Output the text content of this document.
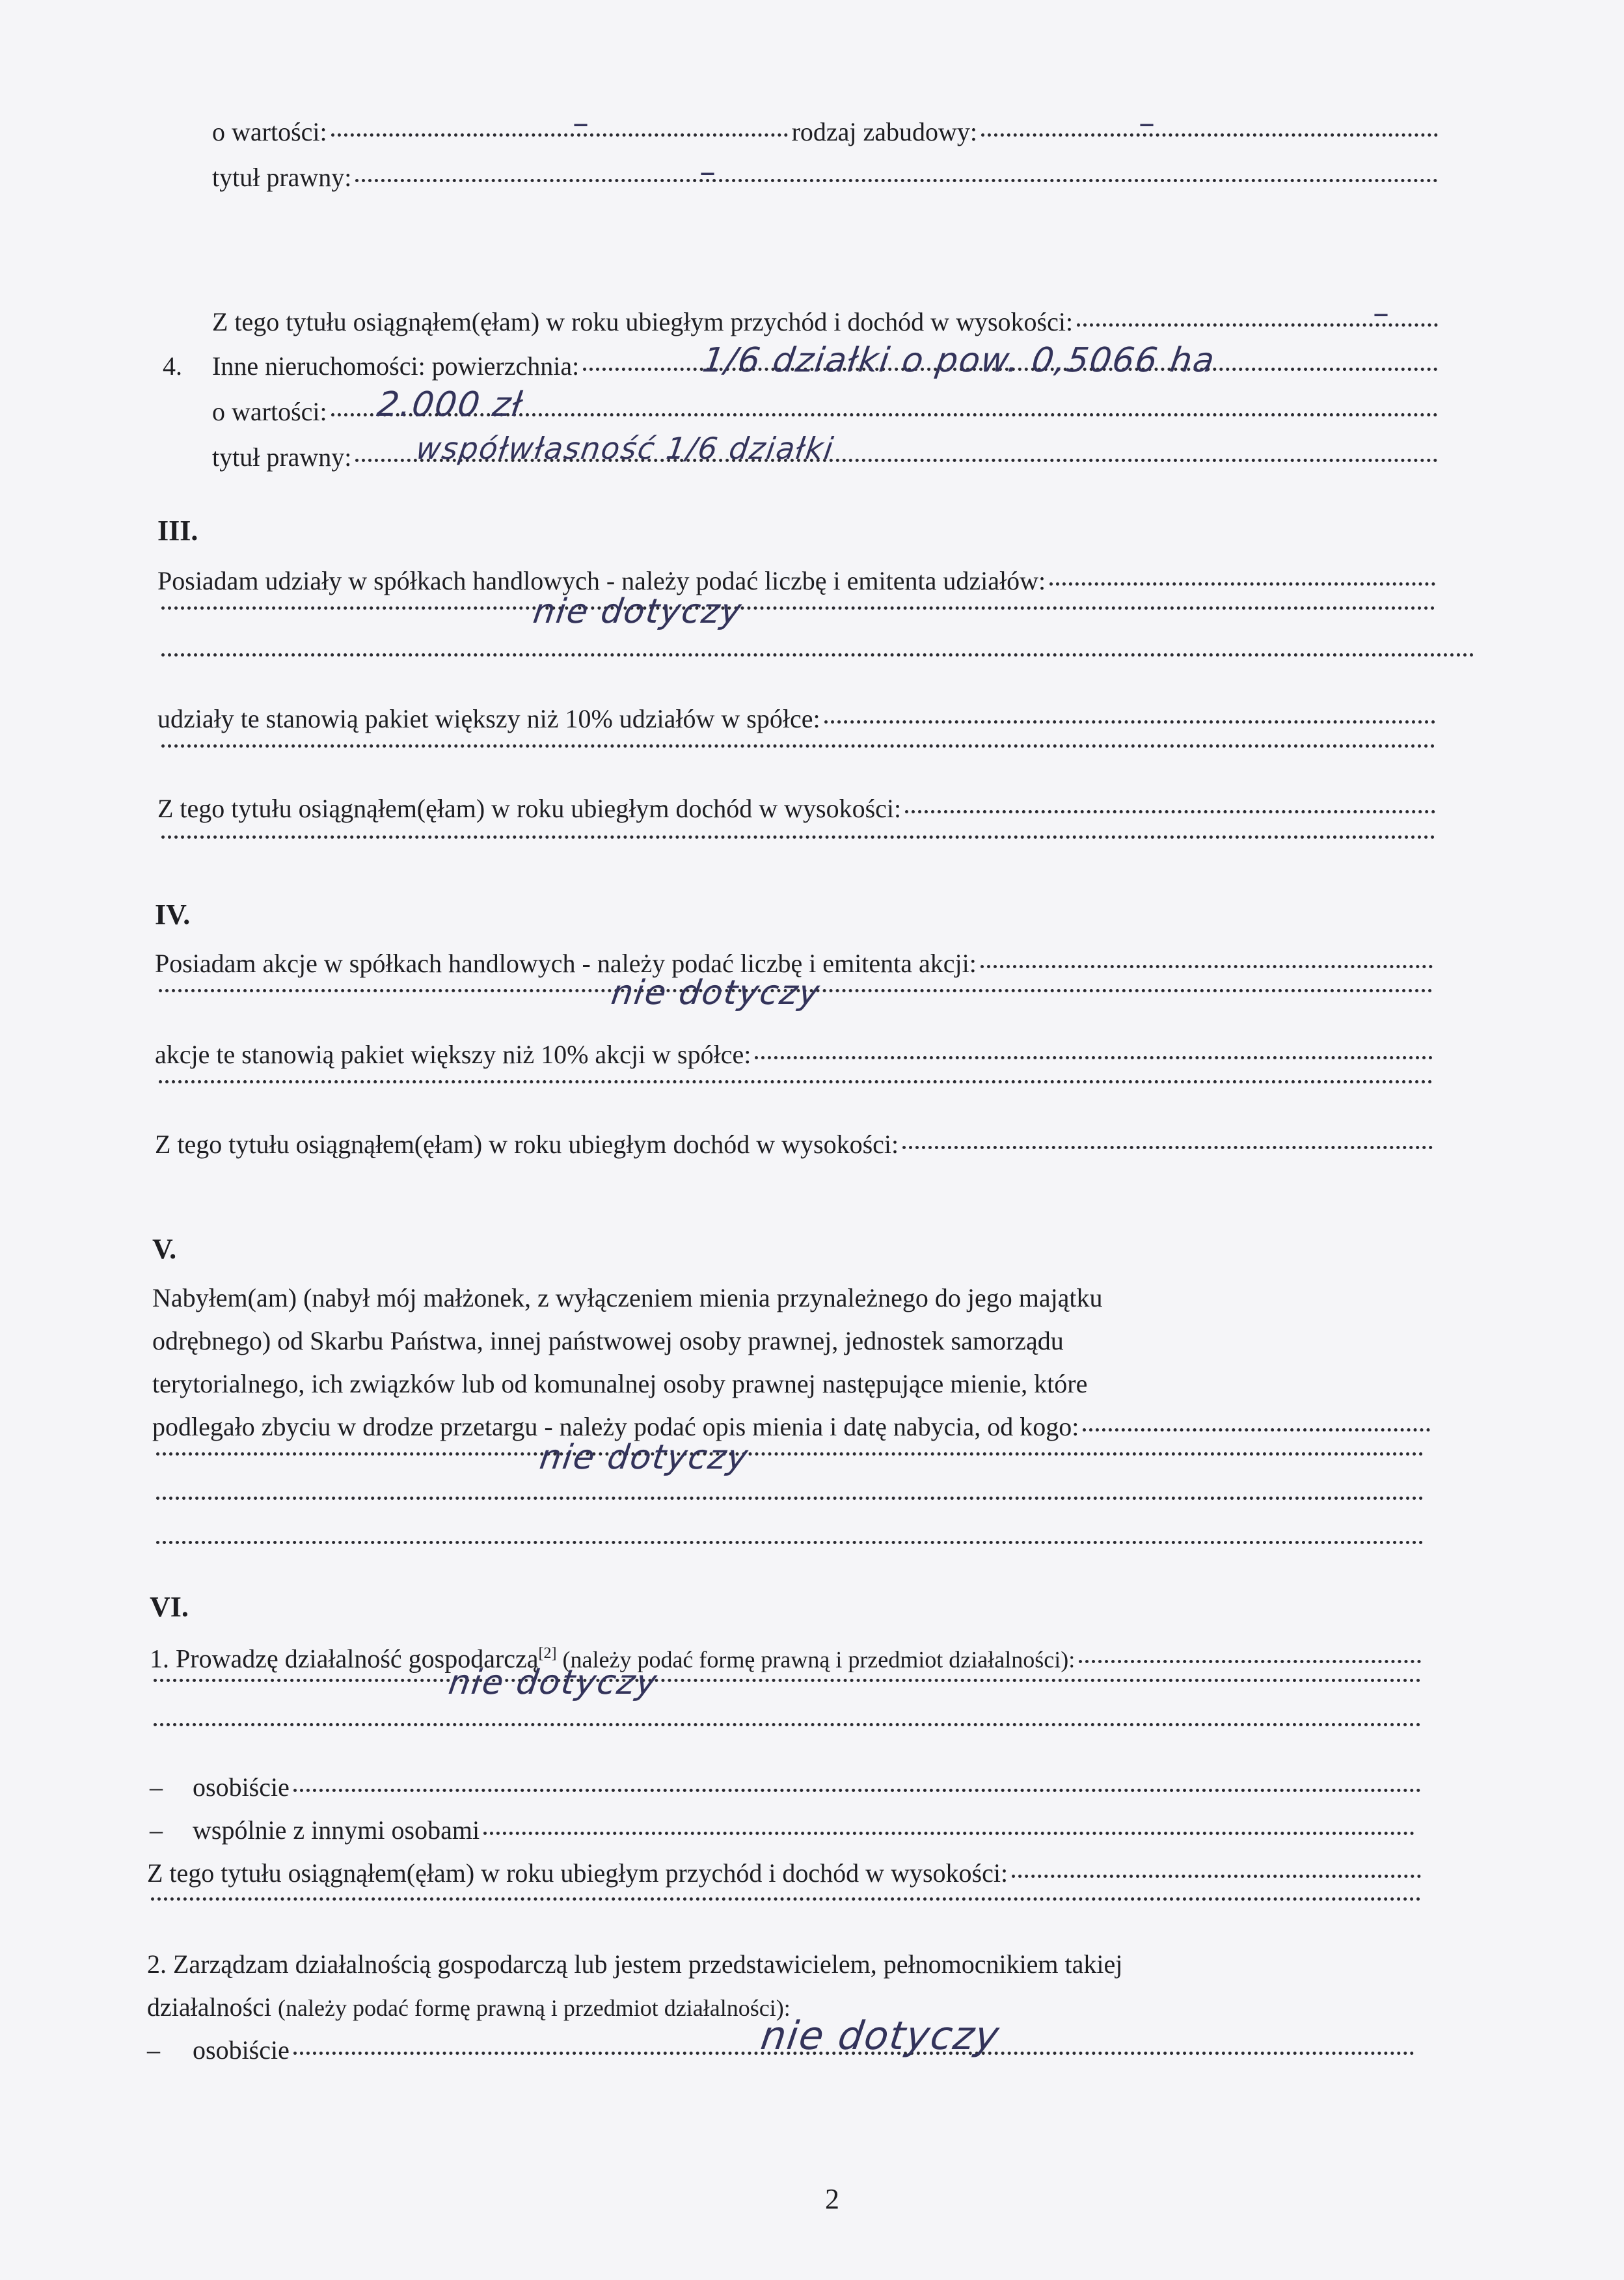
o wartości:	rodzaj zabudowy:
–	–
tytuł prawny:	–
Z tego tytułu osiągnąłem(ęłam) w roku ubiegłym przychód i dochód w wysokości:	–
4. Inne nieruchomości: powierzchnia:	1/6 działki o pow. 0,5066 ha
o wartości: 2.000 zł
tytuł prawny: współwłasność 1/6 działki
III.
Posiadam udziały w spółkach handlowych - należy podać liczbę i emitenta udziałów:
nie dotyczy
udziały te stanowią pakiet większy niż 10% udziałów w spółce:
Z tego tytułu osiągnąłem(ęłam) w roku ubiegłym dochód w wysokości:
IV.
Posiadam akcje w spółkach handlowych - należy podać liczbę i emitenta akcji:
nie dotyczy
akcje te stanowią pakiet większy niż 10% akcji w spółce:
Z tego tytułu osiągnąłem(ęłam) w roku ubiegłym dochód w wysokości:
V.
Nabyłem(am) (nabył mój małżonek, z wyłączeniem mienia przynależnego do jego majątku
odrębnego) od Skarbu Państwa, innej państwowej osoby prawnej, jednostek samorządu
terytorialnego, ich związków lub od komunalnej osoby prawnej następujące mienie, które
podlegało zbyciu w drodze przetargu - należy podać opis mienia i datę nabycia, od kogo:
nie dotyczy
VI.
1. Prowadzę działalność gospodarczą[2] (należy podać formę prawną i przedmiot działalności):
nie dotyczy
– osobiście
– wspólnie z innymi osobami
Z tego tytułu osiągnąłem(ęłam) w roku ubiegłym przychód i dochód w wysokości:
2. Zarządzam działalnością gospodarczą lub jestem przedstawicielem, pełnomocnikiem takiej
działalności (należy podać formę prawną i przedmiot działalności):
– osobiście	nie dotyczy
2
